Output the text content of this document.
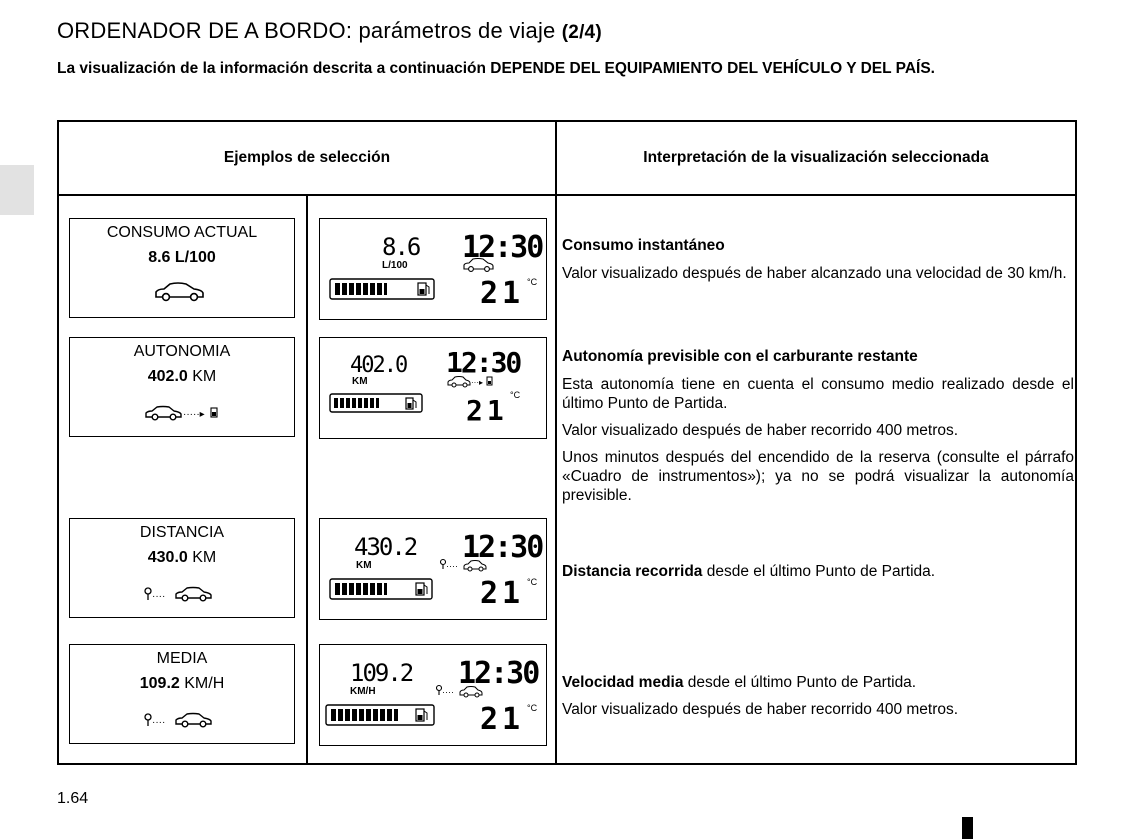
ORDENADOR DE A BORDO: parámetros de viaje (2/4)
La visualización de la información descrita a continuación DEPENDE DEL EQUIPAMIENTO DEL VEHÍCULO Y DEL PAÍS.
Ejemplos de selección	Interpretación de la visualización seleccionada
CONSUMO ACTUAL
8.6 L/100	8.6
L/100
12:30
21 °C
AUTONOMIA
402.0 KM
·····▸
402.0
KM
12:30
···▸
21 °C
DISTANCIA
430.0 KM
····
430.2
KM
12:30
····
21 °C
MEDIA
109.2 KM/H
····
109.2
KM/H
12:30
····
21 °C

Consumo instantáneo

Valor visualizado después de haber alcanzado una velocidad de 30 km/h.

Autonomía previsible con el carburante restante

Esta autonomía tiene en cuenta el consumo medio realizado desde el último Punto de Partida.

Valor visualizado después de haber recorrido 400 metros.

Unos minutos después del encendido de la reserva (consulte el párrafo «Cuadro de instrumentos»); ya no se podrá visualizar la autonomía previsible.

Distancia recorrida desde el último Punto de Partida.

Velocidad media desde el último Punto de Partida.

Valor visualizado después de haber recorrido 400 metros.

1.64
